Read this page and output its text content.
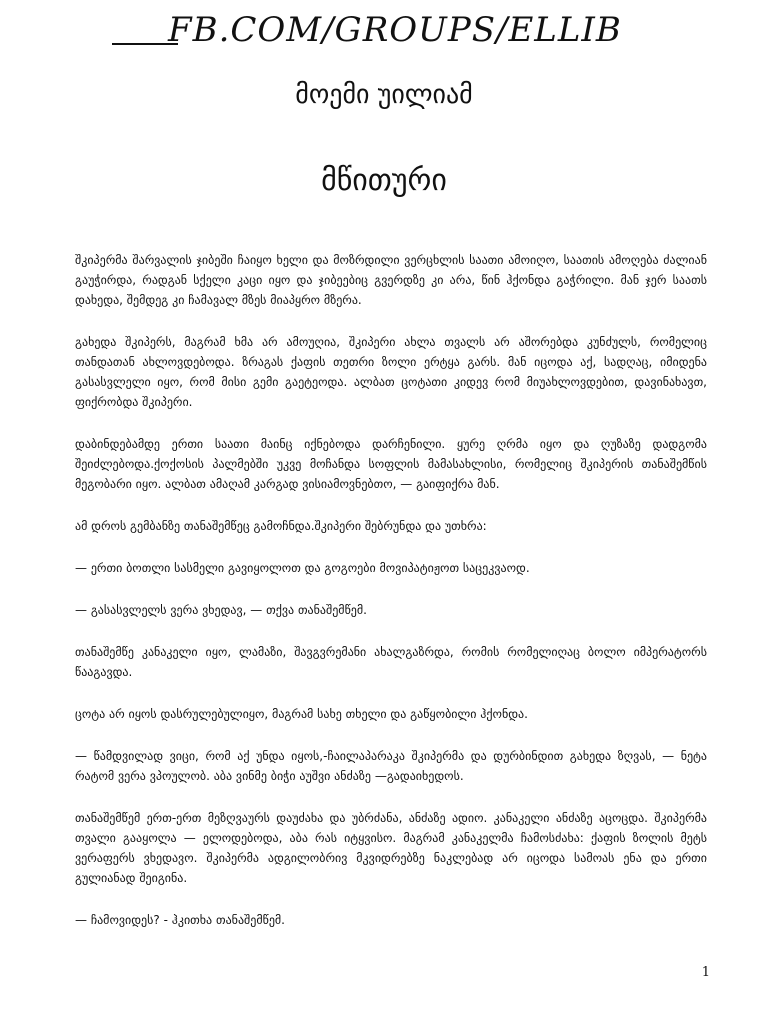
FB.COM/GROUPS/ELLIB
მოემი უილიამ
მწითური

შკიპერმა შარვალის ჯიბეში ჩაიყო ხელი და მოზრდილი ვერცხლის საათი ამოიღო, საათის ამოღება ძალიან გაუჭირდა, რადგან სქელი კაცი იყო და ჯიბეებიც გვერდზე კი არა, წინ ჰქონდა გაჭრილი. მან ჯერ საათს დახედა, შემდეგ კი ჩამავალ მზეს მიაპყრო მზერა.

გახედა შკიპერს, მაგრამ ხმა არ ამოუღია, შკიპერი ახლა თვალს არ აშორებდა კუნძულს, რომელიც თანდათან ახლოვდებოდა. ზრაგას ქაფის თეთრი ზოლი ერტყა გარს. მან იცოდა აქ, სადღაც, იმიდენა გასასვლელი იყო, რომ მისი გემი გაეტეოდა. ალბათ ცოტათი კიდევ რომ მიუახლოვდებით, დავინახავთ, ფიქრობდა შკიპერი.

დაბინდებამდე ერთი საათი მაინც იქნებოდა დარჩენილი. ყურე ღრმა იყო და ღუზაზე დადგომა შეიძლებოდა.ქოქოსის პალმებში უკვე მოჩანდა სოფლის მამასახლისი, რომელიც შკიპერის თანაშემწის მეგობარი იყო. ალბათ ამაღამ კარგად ვისიამოვნებთო, — გაიფიქრა მან.

ამ დროს გემბანზე თანაშემწეც გამოჩნდა.შკიპერი შებრუნდა და უთხრა:

— ერთი ბოთლი სასმელი გავიყოლოთ და გოგოები მოვიპატიჟოთ საცეკვაოდ.

— გასასვლელს ვერა ვხედავ, — თქვა თანაშემწემ.

თანაშემწე კანაკელი იყო, ლამაზი, შავგვრემანი ახალგაზრდა, რომის რომელიღაც ბოლო იმპერატორს წააგავდა.

ცოტა არ იყოს დასრულებულიყო, მაგრამ სახე თხელი და გაწყობილი ჰქონდა.

— წამდვილად ვიცი, რომ აქ უნდა იყოს,-ჩაილაპარაკა შკიპერმა და დურბინდით გახედა ზღვას, — ნეტა რატომ ვერა ვპოულობ. აბა ვინმე ბიჭი აუშვი ანძაზე —გადაიხედოს.

თანაშემწემ ერთ-ერთ მეზღვაურს დაუძახა და უბრძანა, ანძაზე ადიო. კანაკელი ანძაზე აცოცდა. შკიპერმა თვალი გააყოლა — ელოდებოდა, აბა რას იტყვისო. მაგრამ კანაკელმა ჩამოსძახა: ქაფის ზოლის მეტს ვერაფერს ვხედავო. შკიპერმა ადგილობრივ მკვიდრებზე ნაკლებად არ იცოდა სამოას ენა და ერთი გულიანად შეიგინა.

— ჩამოვიდეს? - ჰკითხა თანაშემწემ.

1
